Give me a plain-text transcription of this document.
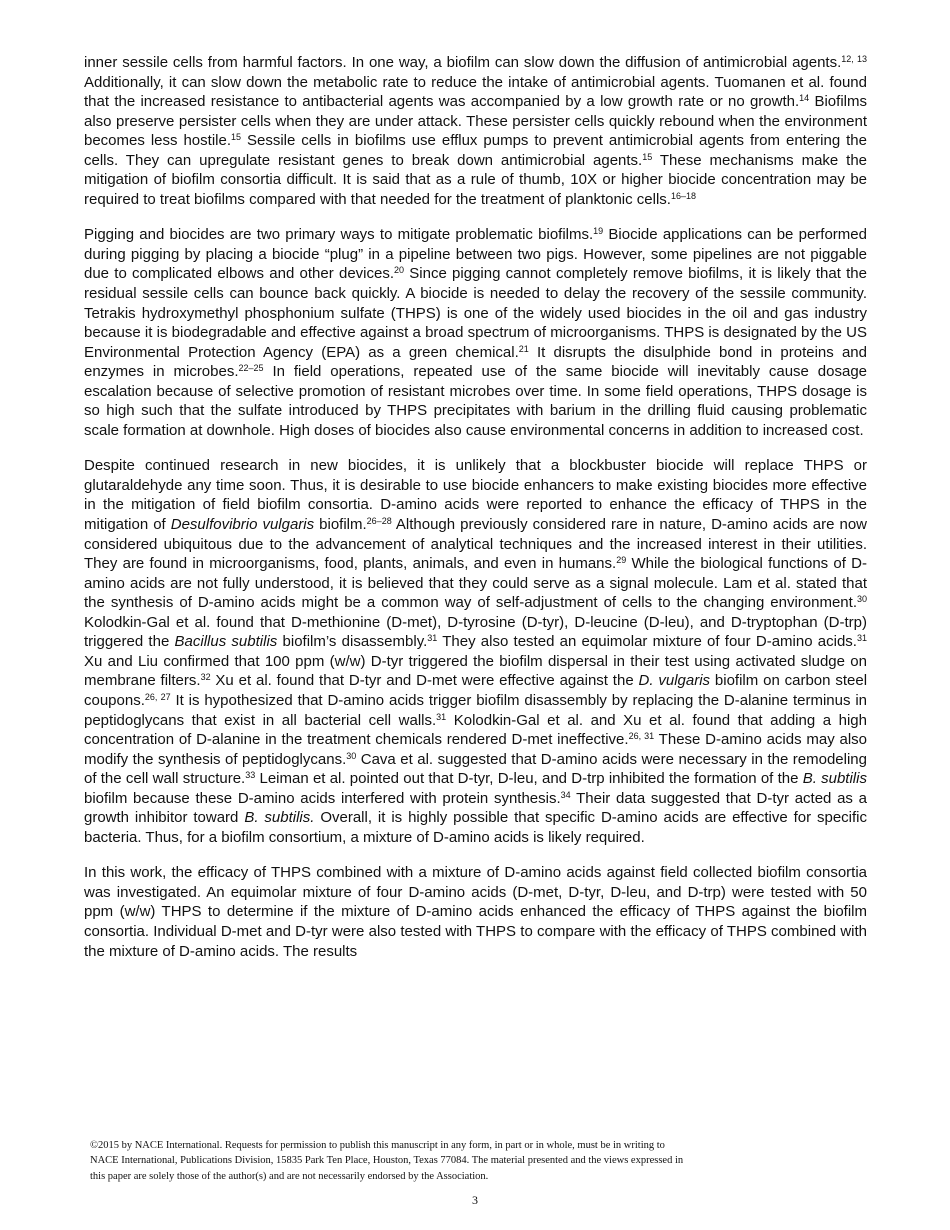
inner sessile cells from harmful factors. In one way, a biofilm can slow down the diffusion of antimicrobial agents.$^{12, 13}$ Additionally, it can slow down the metabolic rate to reduce the intake of antimicrobial agents. Tuomanen et al. found that the increased resistance to antibacterial agents was accompanied by a low growth rate or no growth.$^{14}$ Biofilms also preserve persister cells when they are under attack. These persister cells quickly rebound when the environment becomes less hostile.$^{15}$ Sessile cells in biofilms use efflux pumps to prevent antimicrobial agents from entering the cells. They can upregulate resistant genes to break down antimicrobial agents.$^{15}$ These mechanisms make the mitigation of biofilm consortia difficult. It is said that as a rule of thumb, 10X or higher biocide concentration may be required to treat biofilms compared with that needed for the treatment of planktonic cells.$^{16-18}$

Pigging and biocides are two primary ways to mitigate problematic biofilms.$^{19}$ Biocide applications can be performed during pigging by placing a biocide “plug” in a pipeline between two pigs. However, some pipelines are not piggable due to complicated elbows and other devices.$^{20}$ Since pigging cannot completely remove biofilms, it is likely that the residual sessile cells can bounce back quickly. A biocide is needed to delay the recovery of the sessile community. Tetrakis hydroxymethyl phosphonium sulfate (THPS) is one of the widely used biocides in the oil and gas industry because it is biodegradable and effective against a broad spectrum of microorganisms. THPS is designated by the US Environmental Protection Agency (EPA) as a green chemical.$^{21}$ It disrupts the disulphide bond in proteins and enzymes in microbes.$^{22-25}$ In field operations, repeated use of the same biocide will inevitably cause dosage escalation because of selective promotion of resistant microbes over time. In some field operations, THPS dosage is so high such that the sulfate introduced by THPS precipitates with barium in the drilling fluid causing problematic scale formation at downhole. High doses of biocides also cause environmental concerns in addition to increased cost.

Despite continued research in new biocides, it is unlikely that a blockbuster biocide will replace THPS or glutaraldehyde any time soon. Thus, it is desirable to use biocide enhancers to make existing biocides more effective in the mitigation of field biofilm consortia. D-amino acids were reported to enhance the efficacy of THPS in the mitigation of Desulfovibrio vulgaris biofilm.$^{26-28}$ Although previously considered rare in nature, D-amino acids are now considered ubiquitous due to the advancement of analytical techniques and the increased interest in their utilities. They are found in microorganisms, food, plants, animals, and even in humans.$^{29}$ While the biological functions of D-amino acids are not fully understood, it is believed that they could serve as a signal molecule. Lam et al. stated that the synthesis of D-amino acids might be a common way of self-adjustment of cells to the changing environment.$^{30}$ Kolodkin-Gal et al. found that D-methionine (D-met), D-tyrosine (D-tyr), D-leucine (D-leu), and D-tryptophan (D-trp) triggered the Bacillus subtilis biofilm’s disassembly.$^{31}$ They also tested an equimolar mixture of four D-amino acids.$^{31}$ Xu and Liu confirmed that 100 ppm (w/w) D-tyr triggered the biofilm dispersal in their test using activated sludge on membrane filters.$^{32}$ Xu et al. found that D-tyr and D-met were effective against the D. vulgaris biofilm on carbon steel coupons.$^{26, 27}$ It is hypothesized that D-amino acids trigger biofilm disassembly by replacing the D-alanine terminus in peptidoglycans that exist in all bacterial cell walls.$^{31}$ Kolodkin-Gal et al. and Xu et al. found that adding a high concentration of D-alanine in the treatment chemicals rendered D-met ineffective.$^{26, 31}$ These D-amino acids may also modify the synthesis of peptidoglycans.$^{30}$ Cava et al. suggested that D-amino acids were necessary in the remodeling of the cell wall structure.$^{33}$ Leiman et al. pointed out that D-tyr, D-leu, and D-trp inhibited the formation of the B. subtilis biofilm because these D-amino acids interfered with protein synthesis.$^{34}$ Their data suggested that D-tyr acted as a growth inhibitor toward B. subtilis. Overall, it is highly possible that specific D-amino acids are effective for specific bacteria. Thus, for a biofilm consortium, a mixture of D-amino acids is likely required.

In this work, the efficacy of THPS combined with a mixture of D-amino acids against field collected biofilm consortia was investigated. An equimolar mixture of four D-amino acids (D-met, D-tyr, D-leu, and D-trp) were tested with 50 ppm (w/w) THPS to determine if the mixture of D-amino acids enhanced the efficacy of THPS against the biofilm consortia. Individual D-met and D-tyr were also tested with THPS to compare with the efficacy of THPS combined with the mixture of D-amino acids. The results

©2015 by NACE International. Requests for permission to publish this manuscript in any form, in part or in whole, must be in writing to
NACE International, Publications Division, 15835 Park Ten Place, Houston, Texas 77084. The material presented and the views expressed in
this paper are solely those of the author(s) and are not necessarily endorsed by the Association.
3
